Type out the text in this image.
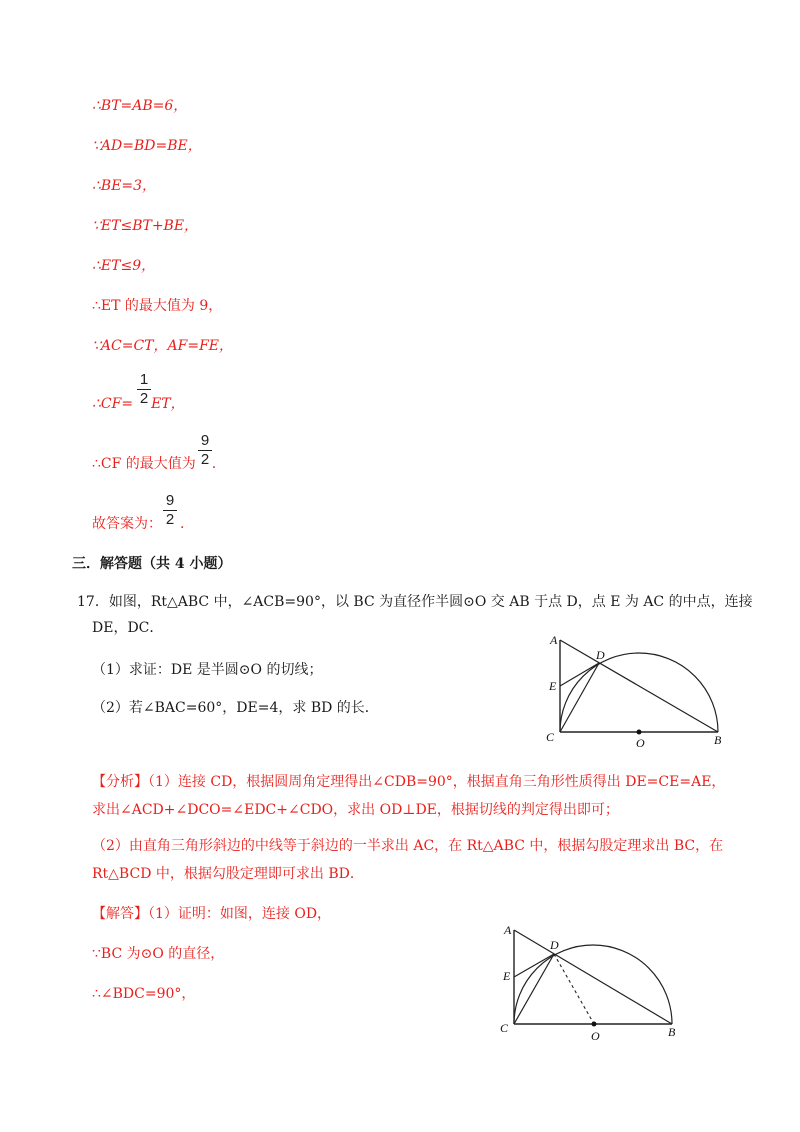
∴BT=AB=6，
∵AD=BD=BE，
∴BE=3，
∵ET≤BT+BE，
∴ET≤9，
∴ET 的最大值为 9，
∵AC=CT，AF=FE，
∴CF= ET，
1
2
∴CF 的最大值为 .
9
2
故答案为： .
9
2
三．解答题（共 4 小题）
17．如图，Rt△ABC 中，∠ACB=90°，以 BC 为直径作半圆⊙O 交 AB 于点 D，点 E 为 AC 的中点，连接
DE，DC．
（1）求证：DE 是半圆⊙O 的切线；
（2）若∠BAC=60°，DE=4，求 BD 的长．
A
D
E
C	O	B
【分析】（1）连接 CD，根据圆周角定理得出∠CDB=90°，根据直角三角形性质得出 DE=CE=AE，
求出∠ACD+∠DCO=∠EDC+∠CDO，求出 OD⊥DE，根据切线的判定得出即可；
（2）由直角三角形斜边的中线等于斜边的一半求出 AC，在 Rt△ABC 中，根据勾股定理求出 BC，在
Rt△BCD 中，根据勾股定理即可求出 BD．
【解答】（1）证明：如图，连接 OD，
∵BC 为⊙O 的直径，
∴∠BDC=90°，
A
D
E
C
O	B
